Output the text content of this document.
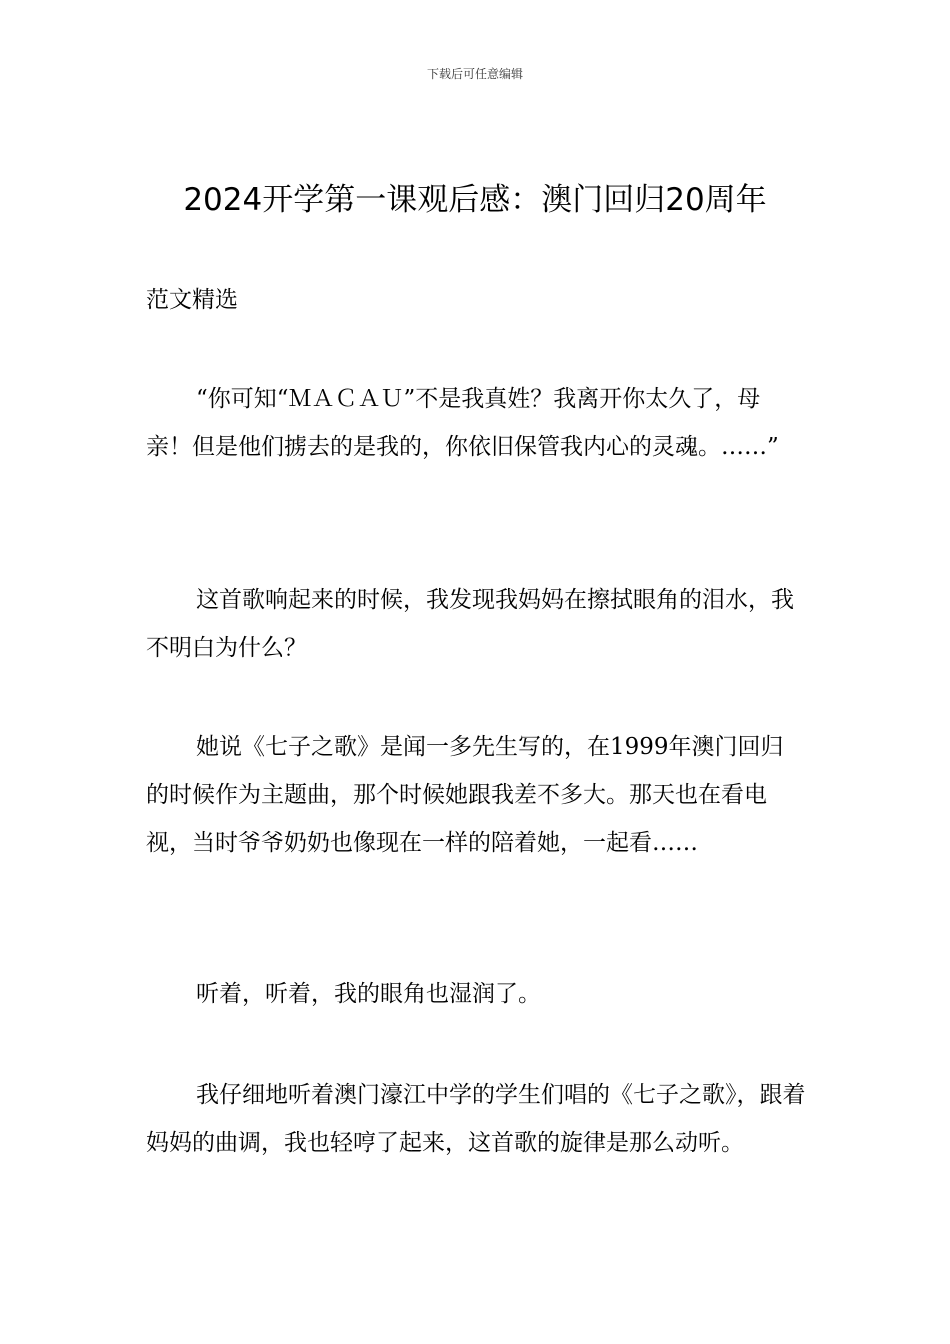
下载后可任意编辑
2024开学第一课观后感：澳门回归20周年
范文精选

“你可知“ＭＡＣＡＵ”不是我真姓？我离开你太久了，母亲！但是他们掳去的是我的，你依旧保管我内心的灵魂。……”

这首歌响起来的时候，我发现我妈妈在擦拭眼角的泪水，我不明白为什么？

她说《七子之歌》是闻一多先生写的，在1999年澳门回归的时候作为主题曲，那个时候她跟我差不多大。那天也在看电视，当时爷爷奶奶也像现在一样的陪着她，一起看……

听着，听着，我的眼角也湿润了。

我仔细地听着澳门濠江中学的学生们唱的《七子之歌》，跟着妈妈的曲调，我也轻哼了起来，这首歌的旋律是那么动听。
